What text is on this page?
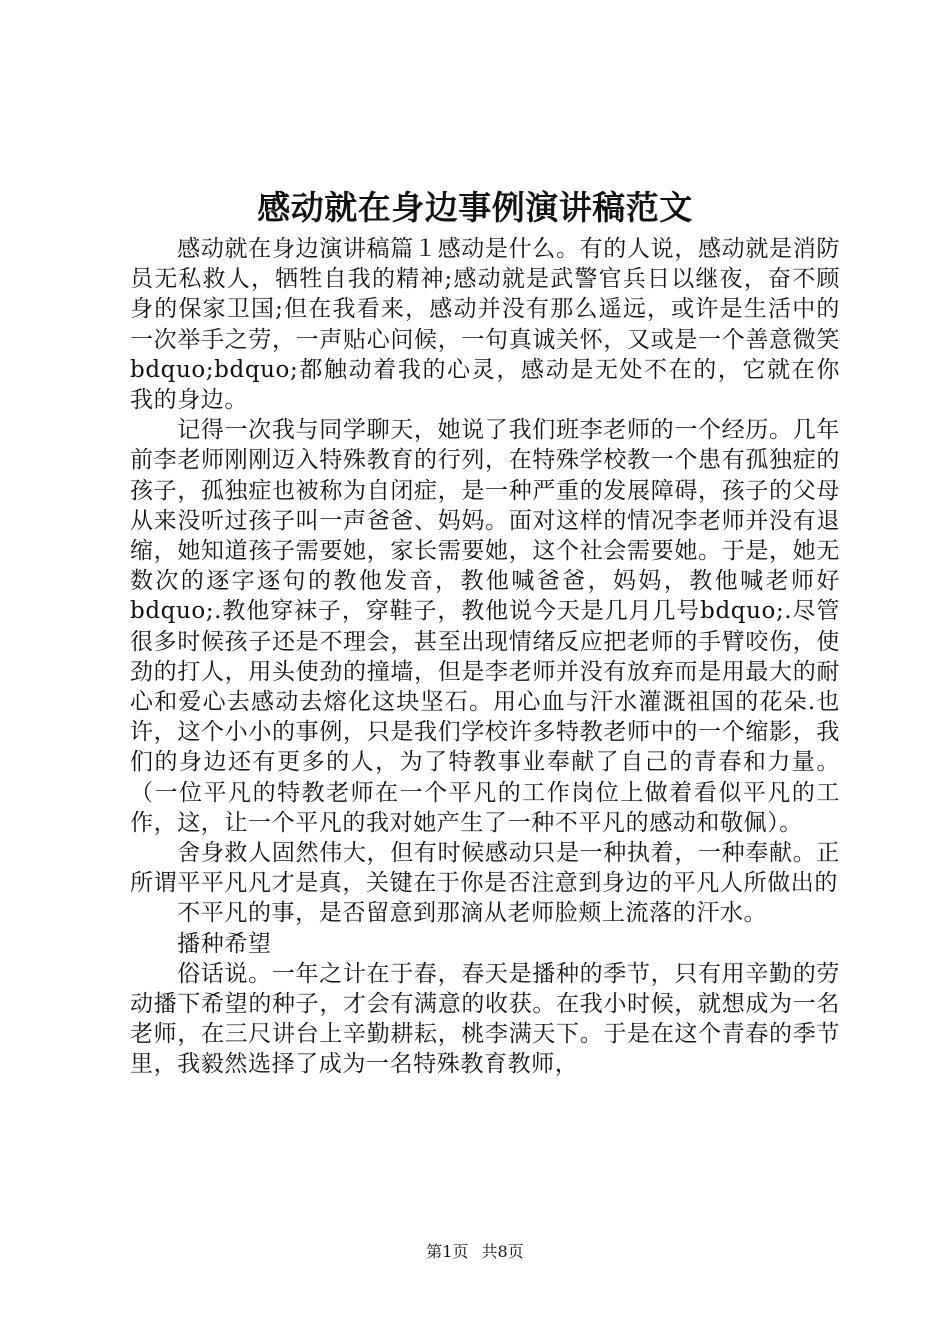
感动就在身边事例演讲稿范文

感动就在身边演讲稿篇１感动是什么。有的人说，感动就是消防员无私救人，牺牲自我的精神;感动就是武警官兵日以继夜，奋不顾身的保家卫国;但在我看来，感动并没有那么遥远，或许是生活中的一次举手之劳，一声贴心问候，一句真诚关怀，又或是一个善意微笑bdquo;bdquo;都触动着我的心灵，感动是无处不在的，它就在你我的身边。

记得一次我与同学聊天，她说了我们班李老师的一个经历。几年前李老师刚刚迈入特殊教育的行列，在特殊学校教一个患有孤独症的孩子，孤独症也被称为自闭症，是一种严重的发展障碍，孩子的父母从来没听过孩子叫一声爸爸、妈妈。面对这样的情况李老师并没有退缩，她知道孩子需要她，家长需要她，这个社会需要她。于是，她无数次的逐字逐句的教他发音，教他喊爸爸，妈妈，教他喊老师好bdquo;.教他穿袜子，穿鞋子，教他说今天是几月几号bdquo;.尽管很多时候孩子还是不理会，甚至出现情绪反应把老师的手臂咬伤，使劲的打人，用头使劲的撞墙，但是李老师并没有放弃而是用最大的耐心和爱心去感动去熔化这块坚石。用心血与汗水灌溉祖国的花朵.也许，这个小小的事例，只是我们学校许多特教老师中的一个缩影，我们的身边还有更多的人，为了特教事业奉献了自己的青春和力量。（一位平凡的特教老师在一个平凡的工作岗位上做着看似平凡的工作，这，让一个平凡的我对她产生了一种不平凡的感动和敬佩）。

舍身救人固然伟大，但有时候感动只是一种执着，一种奉献。正所谓平平凡凡才是真，关键在于你是否注意到身边的平凡人所做出的

不平凡的事，是否留意到那滴从老师脸颊上流落的汗水。

播种希望

俗话说。一年之计在于春，春天是播种的季节，只有用辛勤的劳动播下希望的种子，才会有满意的收获。在我小时候，就想成为一名老师，在三尺讲台上辛勤耕耘，桃李满天下。于是在这个青春的季节里，我毅然选择了成为一名特殊教育教师，

第1页 共8页
